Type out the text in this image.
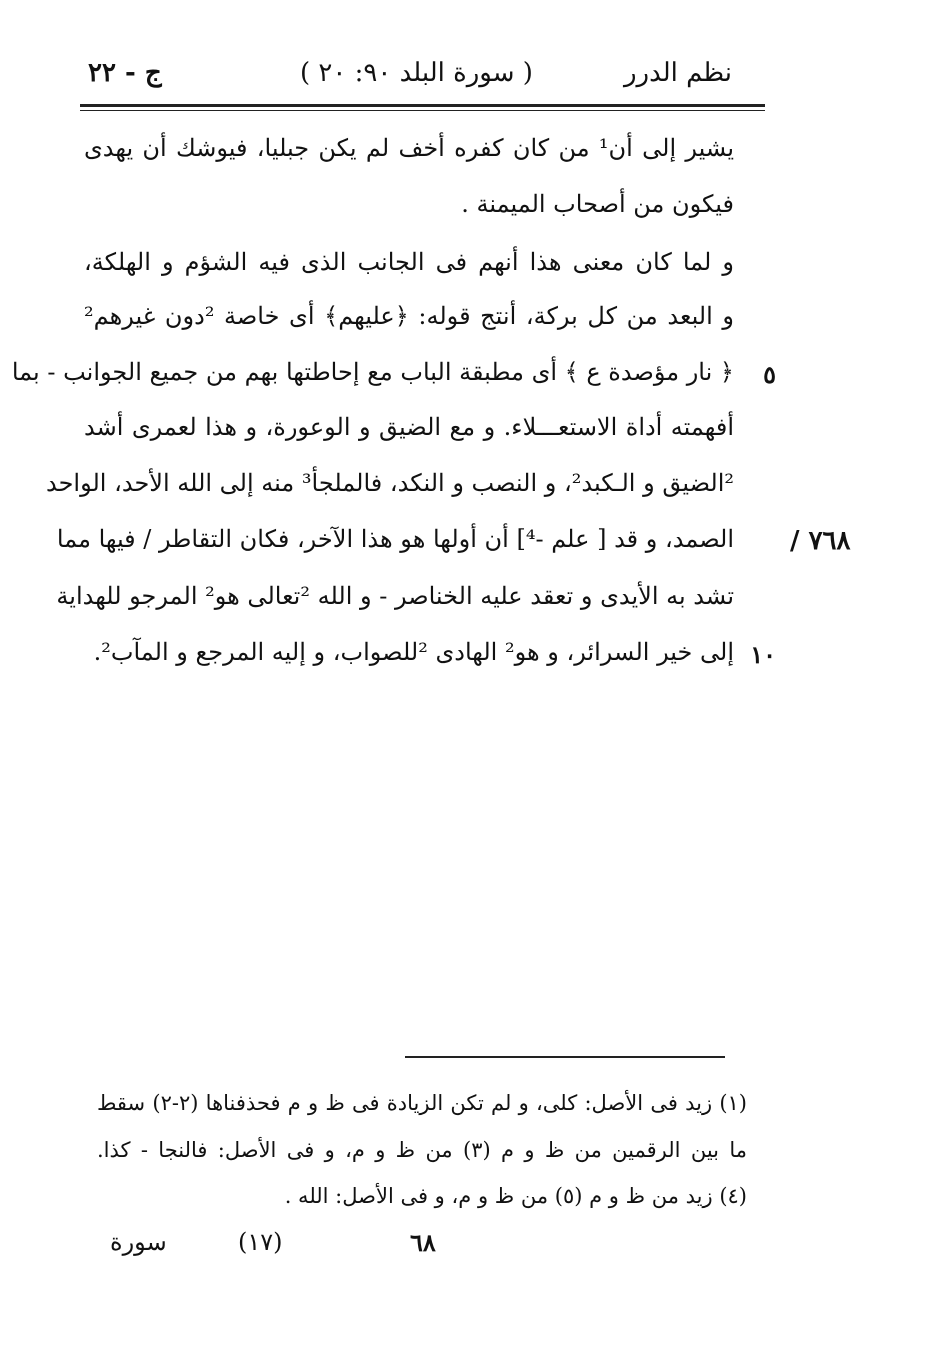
نظم الدرر
( سورة البلد ٩٠: ٢٠ )
ج - ٢٢
يشير إلى أن¹ من كان كفره أخف لم يكن جبليا، فيوشك أن يهدى
فيكون من أصحاب الميمنة .
و لما كان معنى هذا أنهم فى الجانب الذى فيه الشؤم و الهلكة،
و البعد من كل بركة، أنتج قوله: ﴿عليهم﴾ أى خاصة ²دون غيرهم²
﴿ نار مؤصدة ع ﴾ أى مطبقة الباب مع إحاطتها بهم من جميع الجوانب - بما
أفهمته أداة الاستعـــلاء. و مع الضيق و الوعورة، و هذا لعمرى أشد
²الضيق و الـكبد²، و النصب و النكد، فالملجأ³ منه إلى الله الأحد، الواحد
الصمد، و قد [ علم -⁴] أن أولها هو هذا الآخر، فكان التقاطر / فيها مما
تشد به الأيدى و تعقد عليه الخناصر - و الله ²تعالى هو² المرجو للهداية
إلى خير السرائر، و هو² الهادى ²للصواب، و إليه المرجع و المآب².
٥
١٠
٧٦٨ /
(١) زيد فى الأصل: كلى، و لم تكن الزيادة فى ظ و م فحذفناها (٢-٢) سقط
ما بين الرقمين من ظ و م (٣) من ظ و م، و فى الأصل: فالنجا - كذا.
(٤) زيد من ظ و م (٥) من ظ و م، و فى الأصل: الله .
سورة	(١٧)	٦٨
